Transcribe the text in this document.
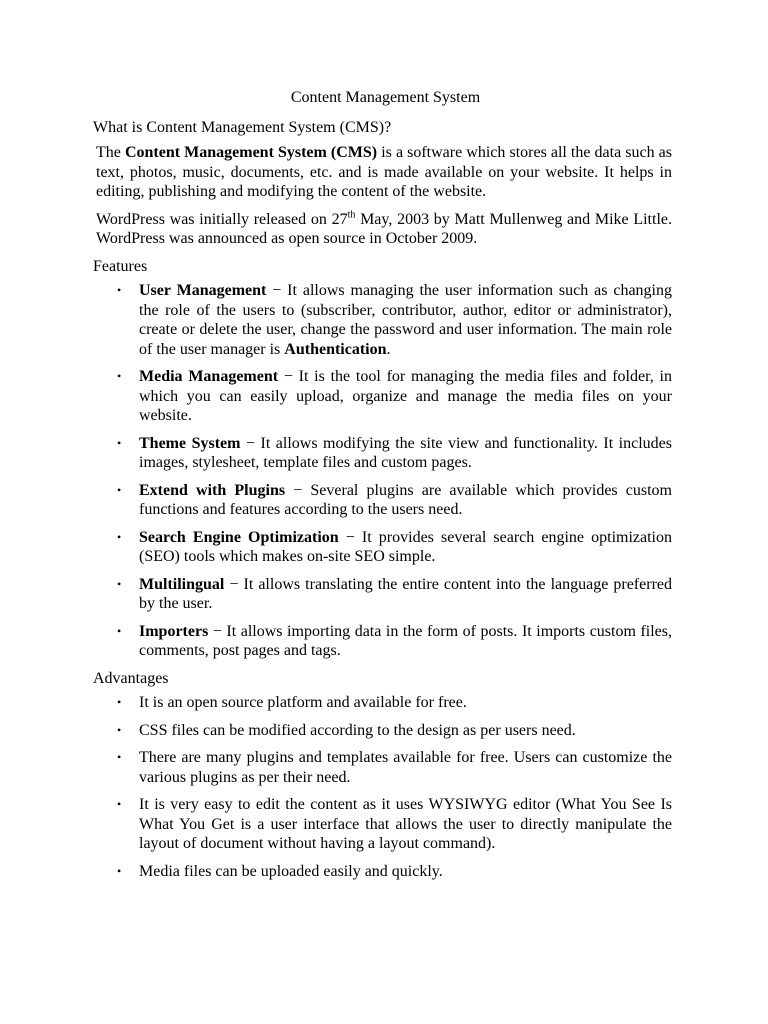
Content Management System
What is Content Management System (CMS)?

The Content Management System (CMS) is a software which stores all the data such as text, photos, music, documents, etc. and is made available on your website. It helps in editing, publishing and modifying the content of the website.

WordPress was initially released on 27th May, 2003 by Matt Mullenweg and Mike Little. WordPress was announced as open source in October 2009.

Features
• User Management − It allows managing the user information such as changing the role of the users to (subscriber, contributor, author, editor or administrator), create or delete the user, change the password and user information. The main role of the user manager is Authentication.
• Media Management − It is the tool for managing the media files and folder, in which you can easily upload, organize and manage the media files on your website.
• Theme System − It allows modifying the site view and functionality. It includes images, stylesheet, template files and custom pages.
• Extend with Plugins − Several plugins are available which provides custom functions and features according to the users need.
• Search Engine Optimization − It provides several search engine optimization (SEO) tools which makes on-site SEO simple.
• Multilingual − It allows translating the entire content into the language preferred by the user.
• Importers − It allows importing data in the form of posts. It imports custom files, comments, post pages and tags.
Advantages
• It is an open source platform and available for free.
• CSS files can be modified according to the design as per users need.
• There are many plugins and templates available for free. Users can customize the various plugins as per their need.
• It is very easy to edit the content as it uses WYSIWYG editor (What You See Is What You Get is a user interface that allows the user to directly manipulate the layout of document without having a layout command).
• Media files can be uploaded easily and quickly.
